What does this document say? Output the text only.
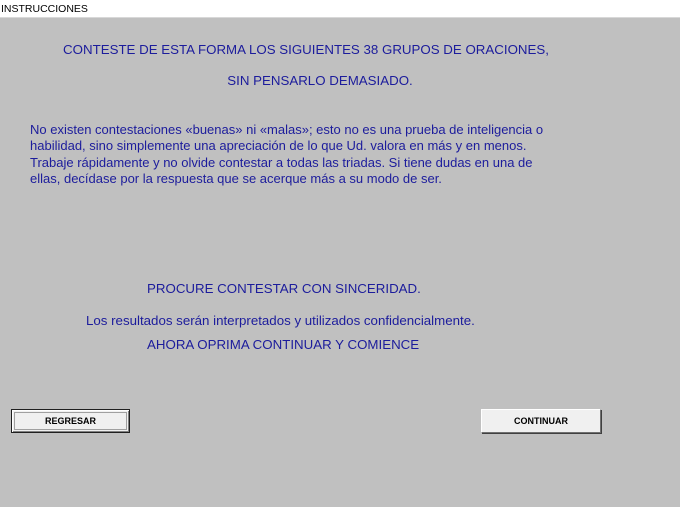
INSTRUCCIONES
CONTESTE DE ESTA FORMA LOS SIGUIENTES 38 GRUPOS DE ORACIONES,
SIN PENSARLO DEMASIADO.
No existen contestaciones «buenas» ni «malas»; esto no es una prueba de inteligencia o
habilidad, sino simplemente una apreciación de lo que Ud. valora en más y en menos.
Trabaje rápidamente y no olvide contestar a todas las triadas. Si tiene dudas en una de
ellas, decídase por la respuesta que se acerque más a su modo de ser.
PROCURE CONTESTAR CON SINCERIDAD.
Los resultados serán interpretados y utilizados confidencialmente.
AHORA OPRIMA CONTINUAR Y COMIENCE
REGRESAR	CONTINUAR
